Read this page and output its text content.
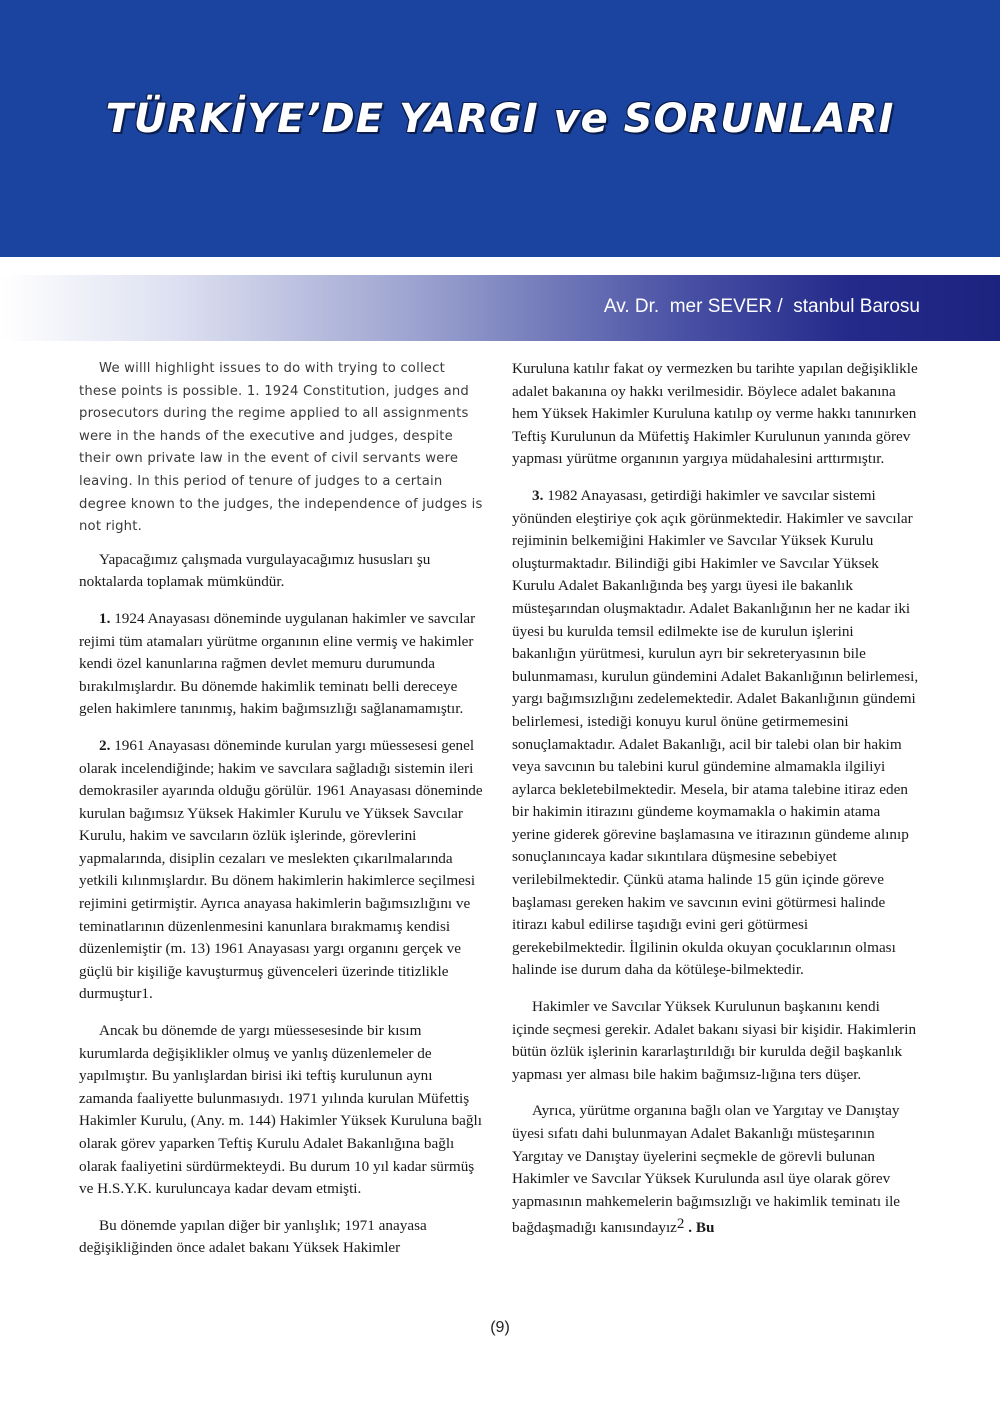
TÜRKİYE’DE YARGI ve SORUNLARI
Av. Dr.  mer SEVER /  stanbul Barosu

We willl highlight issues to do with trying to collect these points is possible. 1. 1924 Constitution, judges and prosecutors during the regime applied to all assignments were in the hands of the executive and judges, despite their own private law in the event of civil servants were leaving. In this period of tenure of judges to a certain degree known to the judges, the independence of judges is not right.

Yapacağımız çalışmada vurgulayacağımız hususları şu noktalarda toplamak mümkündür.

1. 1924 Anayasası döneminde uygulanan hakimler ve savcılar rejimi tüm atamaları yürütme organının eline vermiş ve hakimler kendi özel kanunlarına rağmen devlet memuru durumunda bırakılmışlardır. Bu dönemde hakimlik teminatı belli dereceye gelen hakimlere tanınmış, hakim bağımsızlığı sağlanamamıştır.

2. 1961 Anayasası döneminde kurulan yargı müessesesi genel olarak incelendiğinde; hakim ve savcılara sağladığı sistemin ileri demokrasiler ayarında olduğu görülür. 1961 Anayasası döneminde kurulan bağımsız Yüksek Hakimler Kurulu ve Yüksek Savcılar Kurulu, hakim ve savcıların özlük işlerinde, görevlerini yapmalarında, disiplin cezaları ve meslekten çıkarılmalarında yetkili kılınmışlardır. Bu dönem hakimlerin hakimlerce seçilmesi rejimini getirmiştir. Ayrıca anayasa hakimlerin bağımsızlığını ve teminatlarının düzenlenmesini kanunlara bırakmamış kendisi düzenlemiştir (m. 13) 1961 Anayasası yargı organını gerçek ve güçlü bir kişiliğe kavuşturmuş güvenceleri üzerinde titizlikle durmuştur1.

Ancak bu dönemde de yargı müessesesinde bir kısım kurumlarda değişiklikler olmuş ve yanlış düzenlemeler de yapılmıştır. Bu yanlışlardan birisi iki teftiş kurulunun aynı zamanda faaliyette bulunmasıydı. 1971 yılında kurulan Müfettiş Hakimler Kurulu, (Any. m. 144) Hakimler Yüksek Kuruluna bağlı olarak görev yaparken Teftiş Kurulu Adalet Bakanlığına bağlı olarak faaliyetini sürdürmekteydi. Bu durum 10 yıl kadar sürmüş ve H.S.Y.K. kuruluncaya kadar devam etmişti.

Bu dönemde yapılan diğer bir yanlışlık; 1971 anayasa değişikliğinden önce adalet bakanı Yüksek Hakimler

Kuruluna katılır fakat oy vermezken bu tarihte yapılan değişiklikle adalet bakanına oy hakkı verilmesidir. Böylece adalet bakanına hem Yüksek Hakimler Kuruluna katılıp oy verme hakkı tanınırken Teftiş Kurulunun da Müfettiş Hakimler Kurulunun yanında görev yapması yürütme organının yargıya müdahalesini arttırmıştır.

3. 1982 Anayasası, getirdiği hakimler ve savcılar sistemi yönünden eleştiriye çok açık görünmektedir. Hakimler ve savcılar rejiminin belkemiğini Hakimler ve Savcılar Yüksek Kurulu oluşturmaktadır. Bilindiği gibi Hakimler ve Savcılar Yüksek Kurulu Adalet Bakanlığında beş yargı üyesi ile bakanlık müsteşarından oluşmaktadır. Adalet Bakanlığının her ne kadar iki üyesi bu kurulda temsil edilmekte ise de kurulun işlerini bakanlığın yürütmesi, kurulun ayrı bir sekreteryasının bile bulunmaması, kurulun gündemini Adalet Bakanlığının belirlemesi, yargı bağımsızlığını zedelemektedir. Adalet Bakanlığının gündemi belirlemesi, istediği konuyu kurul önüne getirmemesini sonuçlamaktadır. Adalet Bakanlığı, acil bir talebi olan bir hakim veya savcının bu talebini kurul gündemine almamakla ilgiliyi aylarca bekletebilmektedir. Mesela, bir atama talebine itiraz eden bir hakimin itirazını gündeme koymamakla o hakimin atama yerine giderek görevine başlamasına ve itirazının gündeme alınıp sonuçlanıncaya kadar sıkıntılara düşmesine sebebiyet verilebilmektedir. Çünkü atama halinde 15 gün içinde göreve başlaması gereken hakim ve savcının evini götürmesi halinde itirazı kabul edilirse taşıdığı evini geri götürmesi gerekebilmektedir. İlgilinin okulda okuyan çocuklarının olması halinde ise durum daha da kötüleşe-bilmektedir.

Hakimler ve Savcılar Yüksek Kurulunun başkanını kendi içinde seçmesi gerekir. Adalet bakanı siyasi bir kişidir. Hakimlerin bütün özlük işlerinin kararlaştırıldığı bir kurulda değil başkanlık yapması yer alması bile hakim bağımsız-lığına ters düşer.

Ayrıca, yürütme organına bağlı olan ve Yargıtay ve Danıştay üyesi sıfatı dahi bulunmayan Adalet Bakanlığı müsteşarının Yargıtay ve Danıştay üyelerini seçmekle de görevli bulunan Hakimler ve Savcılar Yüksek Kurulunda asıl üye olarak görev yapmasının mahkemelerin bağımsızlığı ve hakimlik teminatı ile bağdaşmadığı kanısındayız2 . Bu

(9)
